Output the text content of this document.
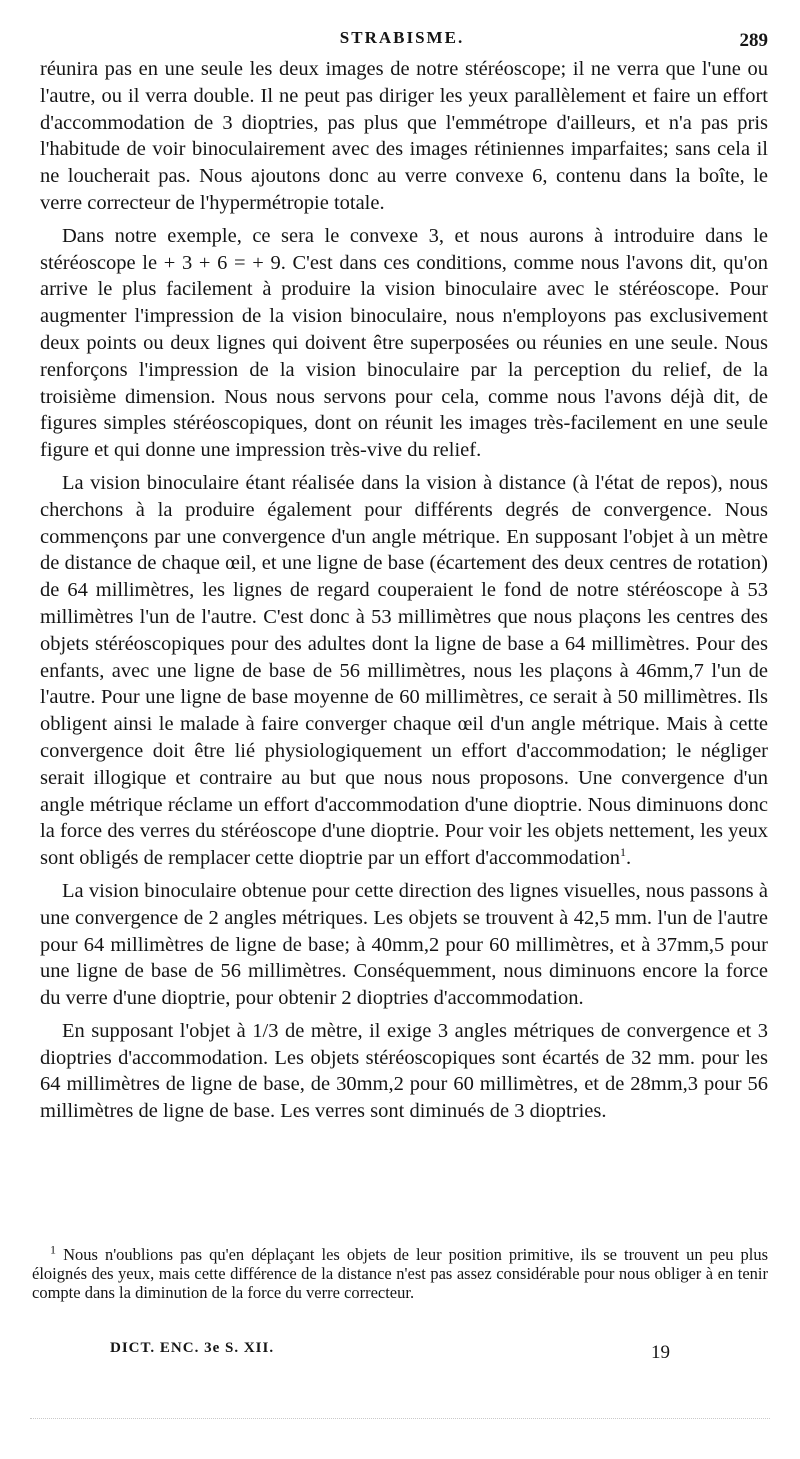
STRABISME.	289

réunira pas en une seule les deux images de notre stéréoscope; il ne verra que l'une ou l'autre, ou il verra double. Il ne peut pas diriger les yeux parallèlement et faire un effort d'accommodation de 3 dioptries, pas plus que l'emmétrope d'ailleurs, et n'a pas pris l'habitude de voir binoculairement avec des images rétiniennes imparfaites; sans cela il ne loucherait pas. Nous ajoutons donc au verre convexe 6, contenu dans la boîte, le verre correcteur de l'hypermétropie totale.

Dans notre exemple, ce sera le convexe 3, et nous aurons à introduire dans le stéréoscope le + 3 + 6 = + 9. C'est dans ces conditions, comme nous l'avons dit, qu'on arrive le plus facilement à produire la vision binoculaire avec le stéréoscope. Pour augmenter l'impression de la vision binoculaire, nous n'employons pas exclusivement deux points ou deux lignes qui doivent être superposées ou réunies en une seule. Nous renforçons l'impression de la vision binoculaire par la perception du relief, de la troisième dimension. Nous nous servons pour cela, comme nous l'avons déjà dit, de figures simples stéréoscopiques, dont on réunit les images très-facilement en une seule figure et qui donne une impression très-vive du relief.

La vision binoculaire étant réalisée dans la vision à distance (à l'état de repos), nous cherchons à la produire également pour différents degrés de convergence. Nous commençons par une convergence d'un angle métrique. En supposant l'objet à un mètre de distance de chaque œil, et une ligne de base (écartement des deux centres de rotation) de 64 millimètres, les lignes de regard couperaient le fond de notre stéréoscope à 53 millimètres l'un de l'autre. C'est donc à 53 millimètres que nous plaçons les centres des objets stéréoscopiques pour des adultes dont la ligne de base a 64 millimètres. Pour des enfants, avec une ligne de base de 56 millimètres, nous les plaçons à 46mm,7 l'un de l'autre. Pour une ligne de base moyenne de 60 millimètres, ce serait à 50 millimètres. Ils obligent ainsi le malade à faire converger chaque œil d'un angle métrique. Mais à cette convergence doit être lié physiologiquement un effort d'accommodation; le négliger serait illogique et contraire au but que nous nous proposons. Une convergence d'un angle métrique réclame un effort d'accommodation d'une dioptrie. Nous diminuons donc la force des verres du stéréoscope d'une dioptrie. Pour voir les objets nettement, les yeux sont obligés de remplacer cette dioptrie par un effort d'accommodation$^1$.

La vision binoculaire obtenue pour cette direction des lignes visuelles, nous passons à une convergence de 2 angles métriques. Les objets se trouvent à 42,5 mm. l'un de l'autre pour 64 millimètres de ligne de base; à 40mm,2 pour 60 millimètres, et à 37mm,5 pour une ligne de base de 56 millimètres. Conséquemment, nous diminuons encore la force du verre d'une dioptrie, pour obtenir 2 dioptries d'accommodation.

En supposant l'objet à 1/3 de mètre, il exige 3 angles métriques de convergence et 3 dioptries d'accommodation. Les objets stéréoscopiques sont écartés de 32 mm. pour les 64 millimètres de ligne de base, de 30mm,2 pour 60 millimètres, et de 28mm,3 pour 56 millimètres de ligne de base. Les verres sont diminués de 3 dioptries.

$^1$ Nous n'oublions pas qu'en déplaçant les objets de leur position primitive, ils se trouvent un peu plus éloignés des yeux, mais cette différence de la distance n'est pas assez considérable pour nous obliger à en tenir compte dans la diminution de la force du verre correcteur.
DICT. ENC. 3e S. XII.	19
